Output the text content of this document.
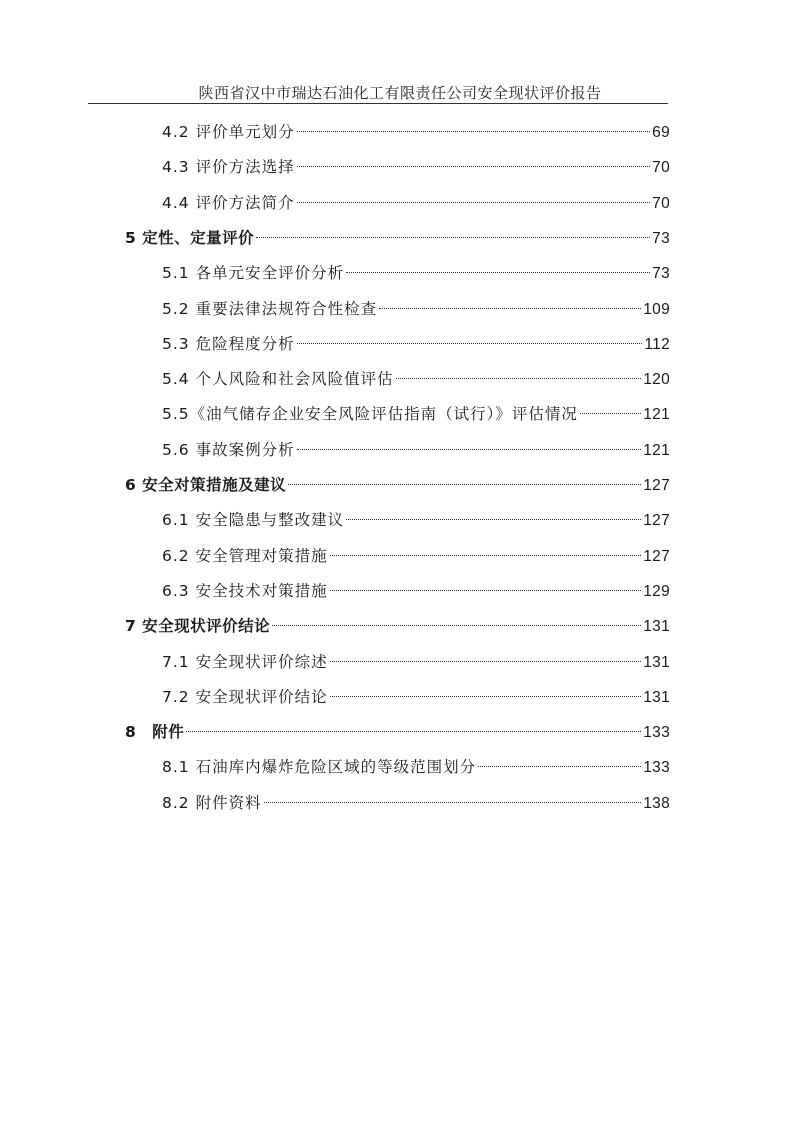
陕西省汉中市瑞达石油化工有限责任公司安全现状评价报告
4.2 评价单元划分	69
4.3 评价方法选择	70
4.4 评价方法简介	70
5 定性、定量评价	73
5.1 各单元安全评价分析	73
5.2 重要法律法规符合性检查	109
5.3 危险程度分析	112
5.4 个人风险和社会风险值评估	120
5.5《油气储存企业安全风险评估指南（试行）》评估情况	121
5.6 事故案例分析	121
6 安全对策措施及建议	127
6.1 安全隐患与整改建议	127
6.2 安全管理对策措施	127
6.3 安全技术对策措施	129
7 安全现状评价结论	131
7.1 安全现状评价综述	131
7.2 安全现状评价结论	131
8　附件	133
8.1 石油库内爆炸危险区域的等级范围划分	133
8.2 附件资料	138
